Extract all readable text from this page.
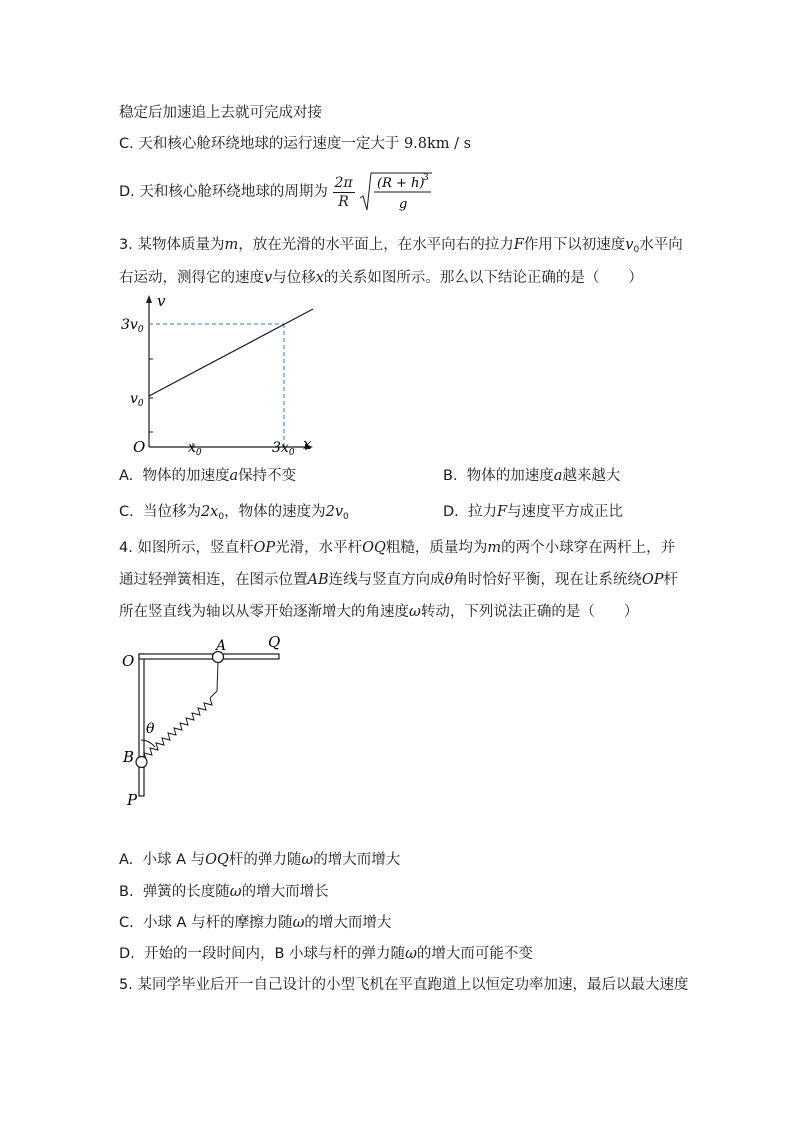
稳定后加速追上去就可完成对接
C. 天和核心舱环绕地球的运行速度一定大于 9.8km / s
D. 天和核心舱环绕地球的周期为 $\frac{2\pi}{R}$
(R + h)
3
g
3. 某物体质量为m，放在光滑的水平面上，在水平向右的拉力F作用下以初速度$v_0$水平向
右运动，测得它的速度v与位移x的关系如图所示。那么以下结论正确的是（　　）
v
x
O
$3v_0$
$v_0$
$x_0$	$3x_0$
A. 物体的加速度a保持不变	B. 物体的加速度a越来越大
C. 当位移为$2x_0$，物体的速度为$2v_0$	D. 拉力F与速度平方成正比
4. 如图所示，竖直杆OP光滑，水平杆OQ粗糙，质量均为m的两个小球穿在两杆上，并
通过轻弹簧相连，在图示位置AB连线与竖直方向成θ角时恰好平衡，现在让系统绕OP杆
所在竖直线为轴以从零开始逐渐增大的角速度ω转动，下列说法正确的是（　　）
O
Q
A
B
P
θ
A. 小球 A 与OQ杆的弹力随ω的增大而增大
B. 弹簧的长度随ω的增大而增长
C. 小球 A 与杆的摩擦力随ω的增大而增大
D. 开始的一段时间内，B 小球与杆的弹力随ω的增大而可能不变
5. 某同学毕业后开一自己设计的小型飞机在平直跑道上以恒定功率加速，最后以最大速度
